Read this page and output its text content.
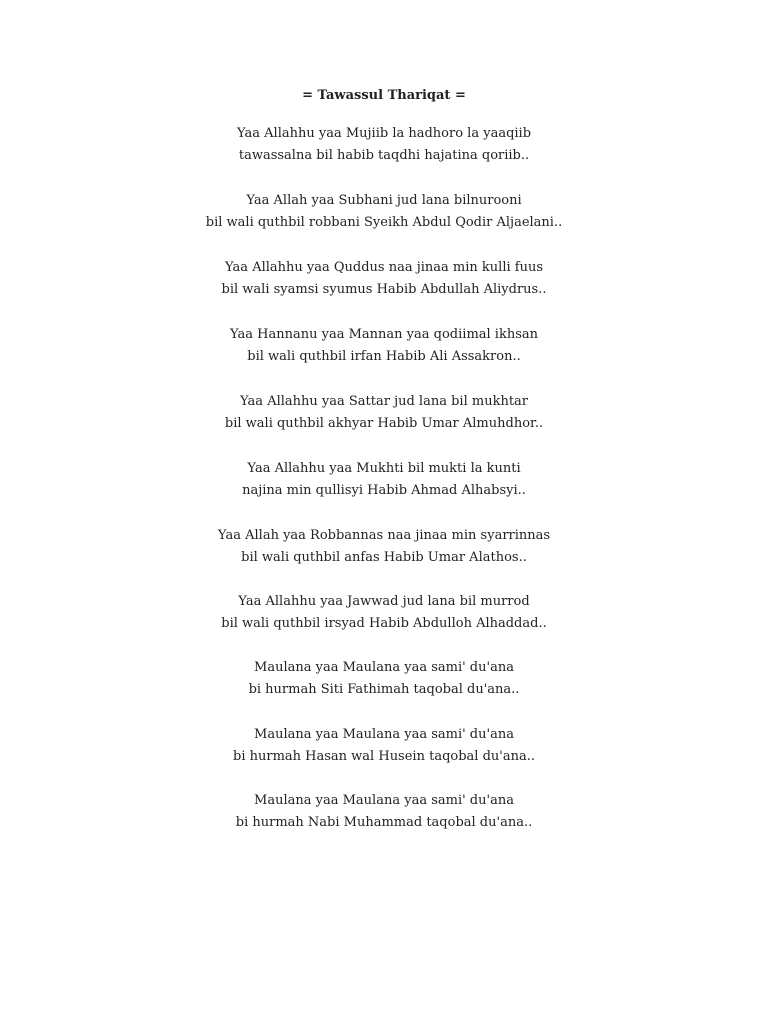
= Tawassul Thariqat =
Yaa Allahhu yaa Mujiib la hadhoro la yaaqiib
tawassalna bil habib taqdhi hajatina qoriib..
Yaa Allah yaa Subhani jud lana bilnurooni
bil wali quthbil robbani Syeikh Abdul Qodir Aljaelani..
Yaa Allahhu yaa Quddus naa jinaa min kulli fuus
bil wali syamsi syumus Habib Abdullah Aliydrus..
Yaa Hannanu yaa Mannan yaa qodiimal ikhsan
bil wali quthbil irfan Habib Ali Assakron..
Yaa Allahhu yaa Sattar jud lana bil mukhtar
bil wali quthbil akhyar Habib Umar Almuhdhor..
Yaa Allahhu yaa Mukhti bil mukti la kunti
najina min qullisyi Habib Ahmad Alhabsyi..
Yaa Allah yaa Robbannas naa jinaa min syarrinnas
bil wali quthbil anfas Habib Umar Alathos..
Yaa Allahhu yaa Jawwad jud lana bil murrod
bil wali quthbil irsyad Habib Abdulloh Alhaddad..
Maulana yaa Maulana yaa sami' du'ana
bi hurmah Siti Fathimah taqobal du'ana..
Maulana yaa Maulana yaa sami' du'ana
bi hurmah Hasan wal Husein taqobal du'ana..
Maulana yaa Maulana yaa sami' du'ana
bi hurmah Nabi Muhammad taqobal du'ana..
